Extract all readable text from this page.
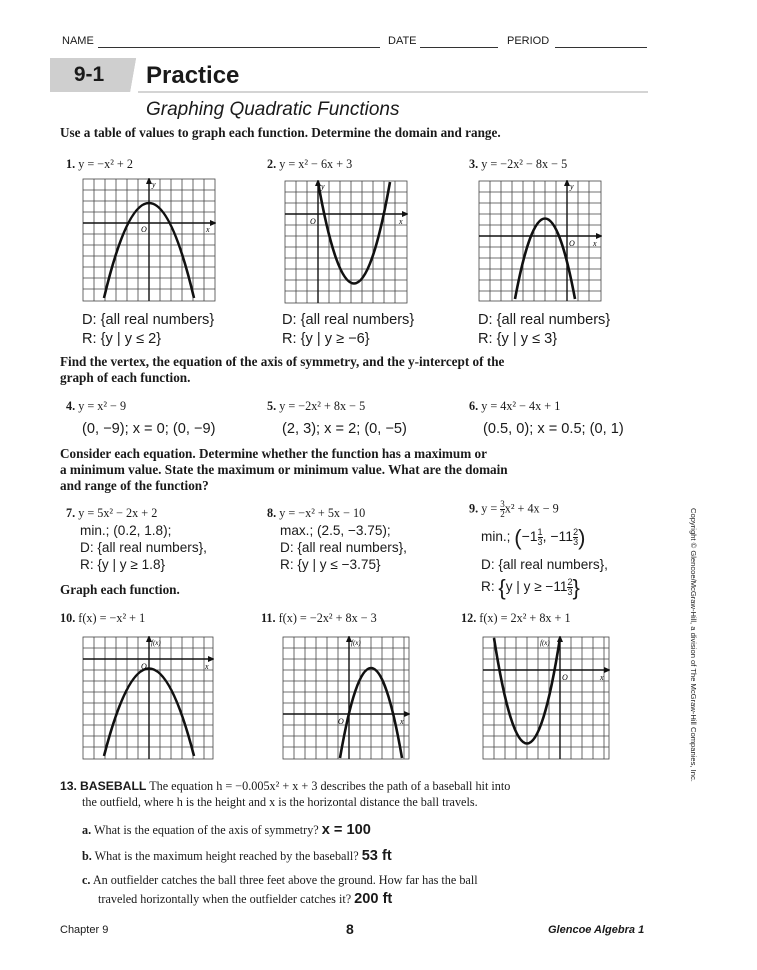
NAME	DATE	PERIOD
9-1	Practice
Graphing Quadratic Functions
Use a table of values to graph each function. Determine the domain and range.
1. y = −x² + 2	2. y = x² − 6x + 3	3. y = −2x² − 8x − 5
y
O	x
y
O	x
y
O x
D: {all real numbers}
R: {y | y ≤ 2}
D: {all real numbers}
R: {y | y ≥ −6}
D: {all real numbers}
R: {y | y ≤ 3}
Find the vertex, the equation of the axis of symmetry, and the y-intercept of the
graph of each function.
4. y = x² − 9	5. y = −2x² + 8x − 5	6. y = 4x² − 4x + 1
(0, −9); x = 0; (0, −9)	(2, 3); x = 2; (0, −5)	(0.5, 0); x = 0.5; (0, 1)
Consider each equation. Determine whether the function has a maximum or
a minimum value. State the maximum or minimum value. What are the domain
and range of the function?
7. y = 5x² − 2x + 2
min.; (0.2, 1.8);
D: {all real numbers},
R: {y | y ≥ 1.8}
8. y = −x² + 5x − 10
max.; (2.5, −3.75);
D: {all real numbers},
R: {y | y ≤ −3.75}
9. $y = \frac{3}{2} x^2 + 4x - 9$
min.; ($-1 \frac{1}{3}$ , $-11 \frac{2}{3}$ )
D: {all real numbers},
R: {y | $y \ge -11 \frac{2}{3}$ }
Graph each function.
10. f(x) = −x² + 1	11. f(x) = −2x² + 8x − 3	12. f(x) = 2x² + 8x + 1
f(x)
O	x
f(x)
O	x
f(x)
O	x
13. BASEBALL The equation h = −0.005x² + x + 3 describes the path of a baseball hit into
the outfield, where h is the height and x is the horizontal distance the ball travels.
a. What is the equation of the axis of symmetry? x = 100
b. What is the maximum height reached by the baseball? 53 ft
c. An outfielder catches the ball three feet above the ground. How far has the ball
traveled horizontally when the outfielder catches it? 200 ft
Chapter 9	8	Glencoe Algebra 1
Copyright © Glencoe/McGraw-Hill, a division of The McGraw-Hill Companies, Inc.
